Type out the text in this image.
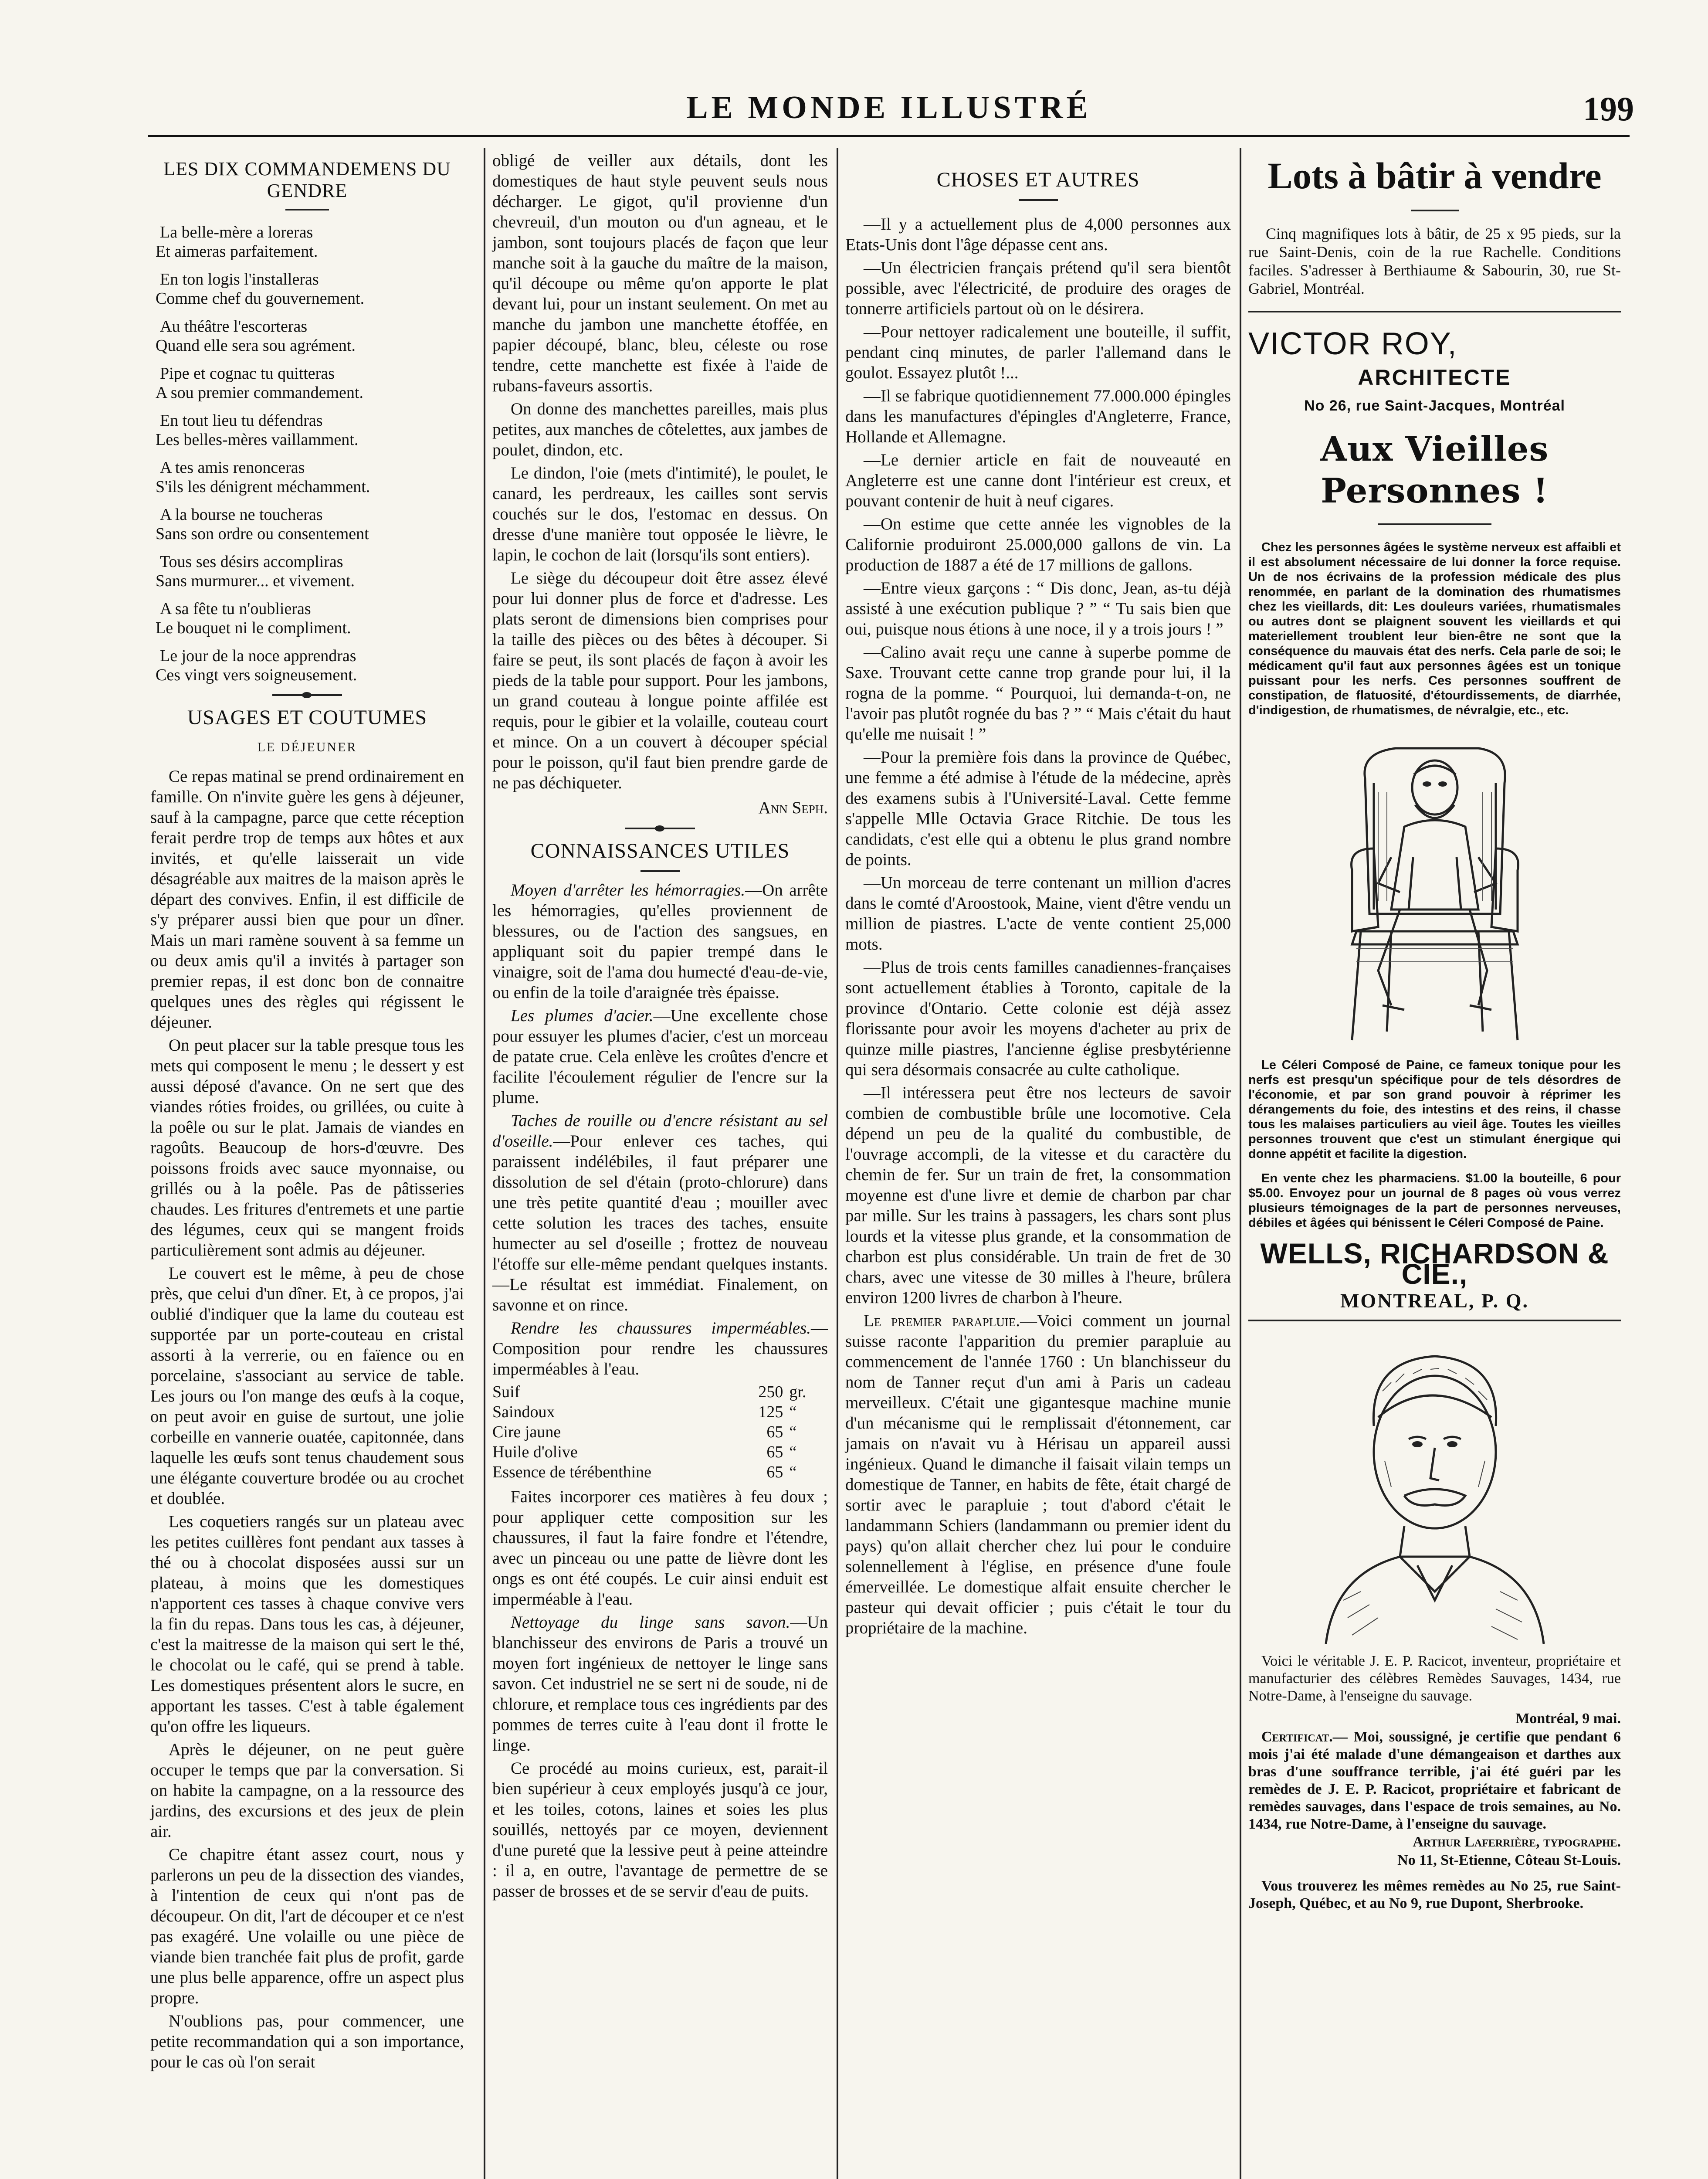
LE MONDE ILLUSTRÉ	199
LES DIX COMMANDEMENS DU GENDRE
La belle-mère a loreras
Et aimeras parfaitement.
En ton logis l'installeras
Comme chef du gouvernement.
Au théâtre l'escorteras
Quand elle sera sou agrément.
Pipe et cognac tu quitteras
A sou premier commandement.
En tout lieu tu défendras
Les belles-mères vaillamment.
A tes amis renonceras
S'ils les dénigrent méchamment.
A la bourse ne toucheras
Sans son ordre ou consentement
Tous ses désirs accompliras
Sans murmurer... et vivement.
A sa fête tu n'oublieras
Le bouquet ni le compliment.
Le jour de la noce apprendras
Ces vingt vers soigneusement.
USAGES ET COUTUMES
LE DÉJEUNER

Ce repas matinal se prend ordinairement en famille. On n'invite guère les gens à déjeuner, sauf à la campagne, parce que cette réception ferait perdre trop de temps aux hôtes et aux invités, et qu'elle laisserait un vide désagréable aux maitres de la maison après le départ des convives. Enfin, il est difficile de s'y préparer aussi bien que pour un dîner. Mais un mari ramène souvent à sa femme un ou deux amis qu'il a invités à partager son premier repas, il est donc bon de connaitre quelques unes des règles qui régissent le déjeuner.

On peut placer sur la table presque tous les mets qui composent le menu ; le dessert y est aussi déposé d'avance. On ne sert que des viandes róties froides, ou grillées, ou cuite à la poêle ou sur le plat. Jamais de viandes en ragoûts. Beaucoup de hors-d'œuvre. Des poissons froids avec sauce myonnaise, ou grillés ou à la poêle. Pas de pâtisseries chaudes. Les fritures d'entremets et une partie des légumes, ceux qui se mangent froids particulièrement sont admis au déjeuner.

Le couvert est le même, à peu de chose près, que celui d'un dîner. Et, à ce propos, j'ai oublié d'indiquer que la lame du couteau est supportée par un porte-couteau en cristal assorti à la verrerie, ou en faïence ou en porcelaine, s'associant au service de table. Les jours ou l'on mange des œufs à la coque, on peut avoir en guise de surtout, une jolie corbeille en vannerie ouatée, capitonnée, dans laquelle les œufs sont tenus chaudement sous une élégante couverture brodée ou au crochet et doublée.

Les coquetiers rangés sur un plateau avec les petites cuillères font pendant aux tasses à thé ou à chocolat disposées aussi sur un plateau, à moins que les domestiques n'apportent ces tasses à chaque convive vers la fin du repas. Dans tous les cas, à déjeuner, c'est la maitresse de la maison qui sert le thé, le chocolat ou le café, qui se prend à table. Les domestiques présentent alors le sucre, en apportant les tasses. C'est à table également qu'on offre les liqueurs.

Après le déjeuner, on ne peut guère occuper le temps que par la conversation. Si on habite la campagne, on a la ressource des jardins, des excursions et des jeux de plein air.

Ce chapitre étant assez court, nous y parlerons un peu de la dissection des viandes, à l'intention de ceux qui n'ont pas de découpeur. On dit, l'art de découper et ce n'est pas exagéré. Une volaille ou une pièce de viande bien tranchée fait plus de profit, garde une plus belle apparence, offre un aspect plus propre.

N'oublions pas, pour commencer, une petite recommandation qui a son importance, pour le cas où l'on serait

obligé de veiller aux détails, dont les domestiques de haut style peuvent seuls nous décharger. Le gigot, qu'il provienne d'un chevreuil, d'un mouton ou d'un agneau, et le jambon, sont toujours placés de façon que leur manche soit à la gauche du maître de la maison, qu'il découpe ou même qu'on apporte le plat devant lui, pour un instant seulement. On met au manche du jambon une manchette étoffée, en papier découpé, blanc, bleu, céleste ou rose tendre, cette manchette est fixée à l'aide de rubans-faveurs assortis.

On donne des manchettes pareilles, mais plus petites, aux manches de côtelettes, aux jambes de poulet, dindon, etc.

Le dindon, l'oie (mets d'intimité), le poulet, le canard, les perdreaux, les cailles sont servis couchés sur le dos, l'estomac en dessus. On dresse d'une manière tout opposée le lièvre, le lapin, le cochon de lait (lorsqu'ils sont entiers).

Le siège du découpeur doit être assez élevé pour lui donner plus de force et d'adresse. Les plats seront de dimensions bien comprises pour la taille des pièces ou des bêtes à découper. Si faire se peut, ils sont placés de façon à avoir les pieds de la table pour support. Pour les jambons, un grand couteau à longue pointe affilée est requis, pour le gibier et la volaille, couteau court et mince. On a un couvert à découper spécial pour le poisson, qu'il faut bien prendre garde de ne pas déchiqueter.

Ann Seph.
CONNAISSANCES UTILES

Moyen d'arrêter les hémorragies.—On arrête les hémorragies, qu'elles proviennent de blessures, ou de l'action des sangsues, en appliquant soit du papier trempé dans le vinaigre, soit de l'ama dou humecté d'eau-de-vie, ou enfin de la toile d'araignée très épaisse.

Les plumes d'acier.—Une excellente chose pour essuyer les plumes d'acier, c'est un morceau de patate crue. Cela enlève les croûtes d'encre et facilite l'écoulement régulier de l'encre sur la plume.

Taches de rouille ou d'encre résistant au sel d'oseille.—Pour enlever ces taches, qui paraissent indélébiles, il faut préparer une dissolution de sel d'étain (proto-chlorure) dans une très petite quantité d'eau ; mouiller avec cette solution les traces des taches, ensuite humecter au sel d'oseille ; frottez de nouveau l'étoffe sur elle-même pendant quelques instants.—Le résultat est immédiat. Finalement, on savonne et on rince.

Rendre les chaussures imperméables.—Composition pour rendre les chaussures imperméables à l'eau.

Suif	250	gr.
Saindoux	125	“
Cire jaune	65	“
Huile d'olive	65	“
Essence de térébenthine	65	“

Faites incorporer ces matières à feu doux ; pour appliquer cette composition sur les chaussures, il faut la faire fondre et l'étendre, avec un pinceau ou une patte de lièvre dont les ongs es ont été coupés. Le cuir ainsi enduit est imperméable à l'eau.

Nettoyage du linge sans savon.—Un blanchisseur des environs de Paris a trouvé un moyen fort ingénieux de nettoyer le linge sans savon. Cet industriel ne se sert ni de soude, ni de chlorure, et remplace tous ces ingrédients par des pommes de terres cuite à l'eau dont il frotte le linge.

Ce procédé au moins curieux, est, parait-il bien supérieur à ceux employés jusqu'à ce jour, et les toiles, cotons, laines et soies les plus souillés, nettoyés par ce moyen, deviennent d'une pureté que la lessive peut à peine atteindre : il a, en outre, l'avantage de permettre de se passer de brosses et de se servir d'eau de puits.

CHOSES ET AUTRES

—Il y a actuellement plus de 4,000 personnes aux Etats-Unis dont l'âge dépasse cent ans.

—Un électricien français prétend qu'il sera bientôt possible, avec l'électricité, de produire des orages de tonnerre artificiels partout où on le désirera.

—Pour nettoyer radicalement une bouteille, il suffit, pendant cinq minutes, de parler l'allemand dans le goulot. Essayez plutôt !...

—Il se fabrique quotidiennement 77.000.000 épingles dans les manufactures d'épingles d'Angleterre, France, Hollande et Allemagne.

—Le dernier article en fait de nouveauté en Angleterre est une canne dont l'intérieur est creux, et pouvant contenir de huit à neuf cigares.

—On estime que cette année les vignobles de la Californie produiront 25.000,000 gallons de vin. La production de 1887 a été de 17 millions de gallons.

—Entre vieux garçons : “ Dis donc, Jean, as-tu déjà assisté à une exécution publique ? ” “ Tu sais bien que oui, puisque nous étions à une noce, il y a trois jours ! ”

—Calino avait reçu une canne à superbe pomme de Saxe. Trouvant cette canne trop grande pour lui, il la rogna de la pomme. “ Pourquoi, lui demanda-t-on, ne l'avoir pas plutôt rognée du bas ? ” “ Mais c'était du haut qu'elle me nuisait ! ”

—Pour la première fois dans la province de Québec, une femme a été admise à l'étude de la médecine, après des examens subis à l'Université-Laval. Cette femme s'appelle Mlle Octavia Grace Ritchie. De tous les candidats, c'est elle qui a obtenu le plus grand nombre de points.

—Un morceau de terre contenant un million d'acres dans le comté d'Aroostook, Maine, vient d'être vendu un million de piastres. L'acte de vente contient 25,000 mots.

—Plus de trois cents familles canadiennes-françaises sont actuellement établies à Toronto, capitale de la province d'Ontario. Cette colonie est déjà assez florissante pour avoir les moyens d'acheter au prix de quinze mille piastres, l'ancienne église presbytérienne qui sera désormais consacrée au culte catholique.

—Il intéressera peut être nos lecteurs de savoir combien de combustible brûle une locomotive. Cela dépend un peu de la qualité du combustible, de l'ouvrage accompli, de la vitesse et du caractère du chemin de fer. Sur un train de fret, la consommation moyenne est d'une livre et demie de charbon par char par mille. Sur les trains à passagers, les chars sont plus lourds et la vitesse plus grande, et la consommation de charbon est plus considérable. Un train de fret de 30 chars, avec une vitesse de 30 milles à l'heure, brûlera environ 1200 livres de charbon à l'heure.

Le premier parapluie.—Voici comment un journal suisse raconte l'apparition du premier parapluie au commencement de l'année 1760 : Un blanchisseur du nom de Tanner reçut d'un ami à Paris un cadeau merveilleux. C'était une gigantesque machine munie d'un mécanisme qui le remplissait d'étonnement, car jamais on n'avait vu à Hérisau un appareil aussi ingénieux. Quand le dimanche il faisait vilain temps un domestique de Tanner, en habits de fête, était chargé de sortir avec le parapluie ; tout d'abord c'était le landammann Schiers (landammann ou premier ident du pays) qu'on allait chercher chez lui pour le conduire solennellement à l'église, en présence d'une foule émerveillée. Le domestique alfait ensuite chercher le pasteur qui devait officier ; puis c'était le tour du propriétaire de la machine.

Lots à bâtir à vendre
Cinq magnifiques lots à bâtir, de 25 x 95 pieds, sur la rue Saint-Denis, coin de la rue Rachelle. Conditions faciles. S'adresser à Berthiaume & Sabourin, 30, rue St-Gabriel, Montréal.
VICTOR ROY,
ARCHITECTE
No 26, rue Saint-Jacques, Montréal
Aux Vieilles Personnes !
Chez les personnes âgées le système nerveux est affaibli et il est absolument nécessaire de lui donner la force requise. Un de nos écrivains de la profession médicale des plus renommée, en parlant de la domination des rhumatismes chez les vieillards, dit: Les douleurs variées, rhumatismales ou autres dont se plaignent souvent les vieillards et qui materiellement troublent leur bien-être ne sont que la conséquence du mauvais état des nerfs. Cela parle de soi; le médicament qu'il faut aux personnes âgées est un tonique puissant pour les nerfs. Ces personnes souffrent de constipation, de flatuosité, d'étourdissements, de diarrhée, d'indigestion, de rhumatismes, de névralgie, etc., etc.
Le Céleri Composé de Paine, ce fameux tonique pour les nerfs est presqu'un spécifique pour de tels désordres de l'économie, et par son grand pouvoir à réprimer les dérangements du foie, des intestins et des reins, il chasse tous les malaises particuliers au vieil âge. Toutes les vieilles personnes trouvent que c'est un stimulant énergique qui donne appétit et facilite la digestion.
En vente chez les pharmaciens. $1.00 la bouteille, 6 pour $5.00. Envoyez pour un journal de 8 pages où vous verrez plusieurs témoignages de la part de personnes nerveuses, débiles et âgées qui bénissent le Céleri Composé de Paine.
WELLS, RICHARDSON & CIE.,
MONTREAL, P. Q.
Voici le véritable J. E. P. Racicot, inventeur, propriétaire et manufacturier des célèbres Remèdes Sauvages, 1434, rue Notre-Dame, à l'enseigne du sauvage.
Montréal, 9 mai.
Certificat.— Moi, soussigné, je certifie que pendant 6 mois j'ai été malade d'une démangeaison et darthes aux bras d'une souffrance terrible, j'ai été guéri par les remèdes de J. E. P. Racicot, propriétaire et fabricant de remèdes sauvages, dans l'espace de trois semaines, au No. 1434, rue Notre-Dame, à l'enseigne du sauvage.
Arthur Laferrière, typographe.
No 11, St-Etienne, Côteau St-Louis.
Vous trouverez les mêmes remèdes au No 25, rue Saint-Joseph, Québec, et au No 9, rue Dupont, Sherbrooke.
